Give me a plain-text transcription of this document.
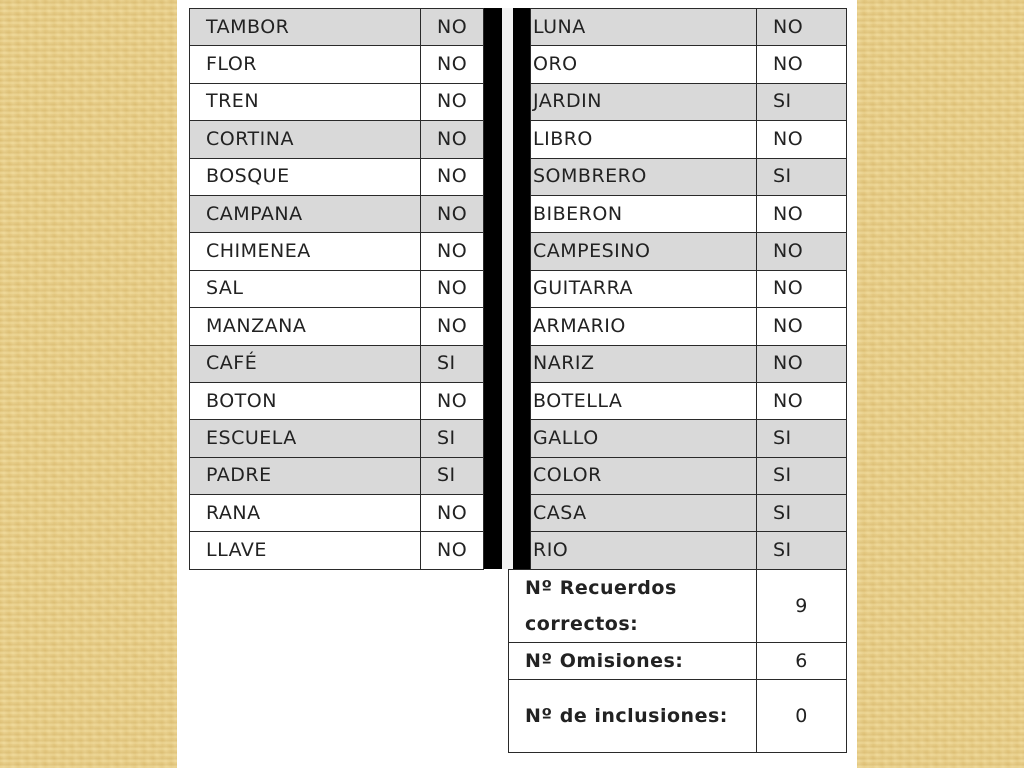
TAMBOR	NO
FLOR	NO
TREN	NO
CORTINA	NO
BOSQUE	NO
CAMPANA	NO
CHIMENEA	NO
SAL	NO
MANZANA	NO
CAFÉ	SI
BOTON	NO
ESCUELA	SI
PADRE	SI
RANA	NO
LLAVE	NO
LUNA	NO
ORO	NO
JARDIN	SI
LIBRO	NO
SOMBRERO	SI
BIBERON	NO
CAMPESINO	NO
GUITARRA	NO
ARMARIO	NO
NARIZ	NO
BOTELLA	NO
GALLO	SI
COLOR	SI
CASA	SI
RIO	SI
Nº Recuerdos correctos:	9
Nº Omisiones:	6
Nº de inclusiones:	0
